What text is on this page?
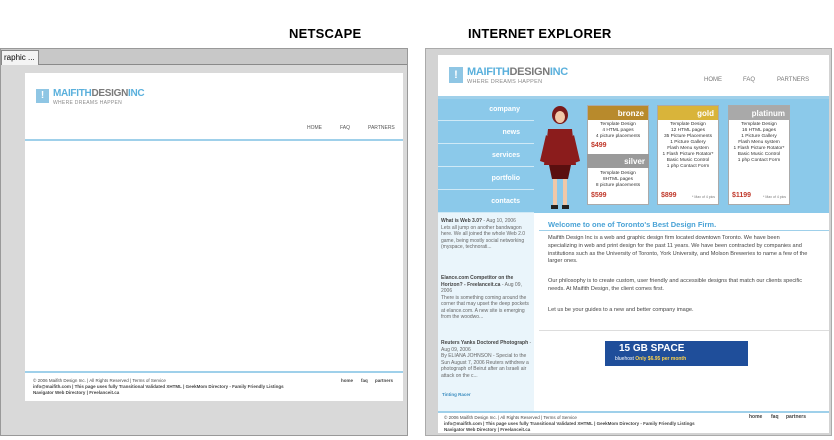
NETSCAPE	INTERNET EXPLORER
raphic ...
! MAIFITHDESIGNINC
WHERE DREAMS HAPPEN
HOME	FAQ	PARTNERS
© 2006 Maifith Design Inc. | All Rights Reserved | Terms of Service
info@maifith.com | This page uses fully Transitional Validated XHTML | GeekMom Directory - Family Friendly Listings
Navigator Web Directory | Freelanceit.ca
home faq partners
! MAIFITHDESIGNINC
WHERE DREAMS HAPPEN	HOME	FAQ	PARTNERS
company
news
services
portfolio
contacts
bronze
Template Design
4 HTML pages
4 picture placements
$499
silver
Template Design
8HTML pages
8 picture placements
$599
gold
Template Design
12 HTML pages
35 Picture Placements
1 Picture Gallery
Flash Menu system
1 Flash Picture Rotator*
Basic Music Control
1 php Contact Form
$899	* Max of 4 pics
platinum
Template Design
16 HTML pages
1 Picture Gallery
Flash Menu system
1 Flash Picture Rotator*
Basic Music Control
1 php Contact Form
$1199	* Max of 4 pics
What is Web 3.0? - Aug 10, 2006
Lets all jump on another bandwagon here. We all joined the whole Web 2.0 game, being mostly social networking (myspace, technorati...
Elance.com Competitor on the Horizon? - Freelanceit.ca - Aug 09, 2006
There is something coming around the corner that may upset the deep pockets at elance.com. A new site is emerging from the woodwo...
Reuters Yanks Doctored Photograph - Aug 09, 2006
By ELIANA JOHNSON - Special to the Sun August 7, 2006 Reuters withdrew a photograph of Beirut after an Israeli air attack on the c...
Tinting Racer
Welcome to one of Toronto's Best Design Firm.
Maifith Design Inc is a web and graphic design firm located downtown Toronto. We have been specializing in web and print design for the past 11 years. We have been contracted by companies and institutions such as the University of Toronto, York University, and Molson Breweries to name a few of the larger ones.
Our philosophy is to create custom, user friendly and accessible designs that match our clients specific needs. At Maifith Design, the client comes first.
Let us be your guides to a new and better company image.
15 GB SPACE
bluehost Only $6.95 per month
© 2006 Maifith Design Inc. | All Rights Reserved | Terms of Service
info@maifith.com | This page uses fully Transitional Validated XHTML | GeekMom Directory - Family Friendly Listings
Navigator Web Directory | Freelanceit.ca
home faq partners
